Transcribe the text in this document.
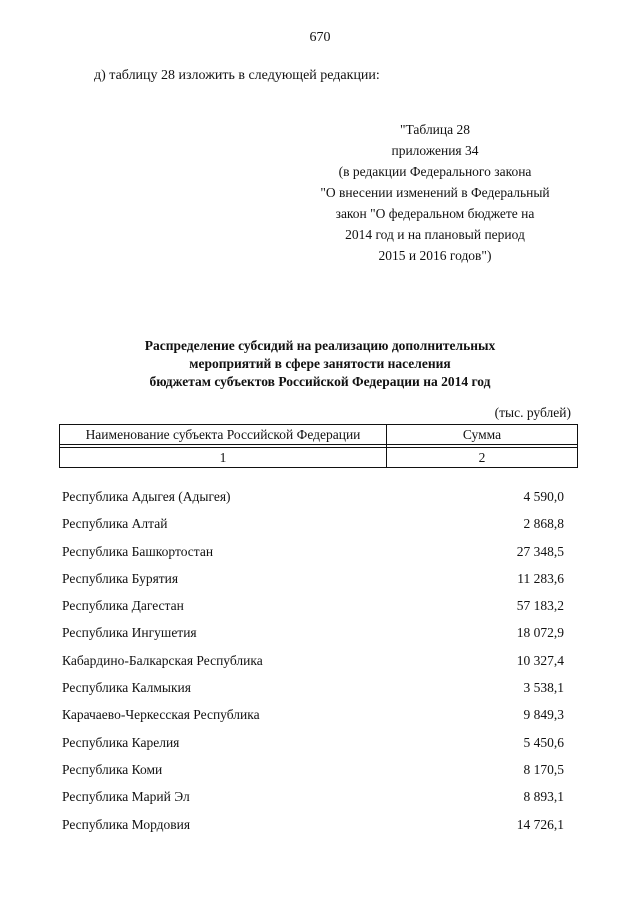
670
д) таблицу 28 изложить в следующей редакции:
"Таблица 28
приложения 34
(в редакции Федерального закона
"О внесении изменений в Федеральный
закон "О федеральном бюджете на
2014 год и на плановый период
2015 и 2016 годов")
Распределение субсидий на реализацию дополнительных
мероприятий в сфере занятости населения
бюджетам субъектов Российской Федерации на 2014 год
(тыс. рублей)
Наименование субъекта Российской Федерации	Сумма

1	2
Республика Адыгея (Адыгея)	4 590,0
Республика Алтай	2 868,8
Республика Башкортостан	27 348,5
Республика Бурятия	11 283,6
Республика Дагестан	57 183,2
Республика Ингушетия	18 072,9
Кабардино-Балкарская Республика	10 327,4
Республика Калмыкия	3 538,1
Карачаево-Черкесская Республика	9 849,3
Республика Карелия	5 450,6
Республика Коми	8 170,5
Республика Марий Эл	8 893,1
Республика Мордовия	14 726,1
